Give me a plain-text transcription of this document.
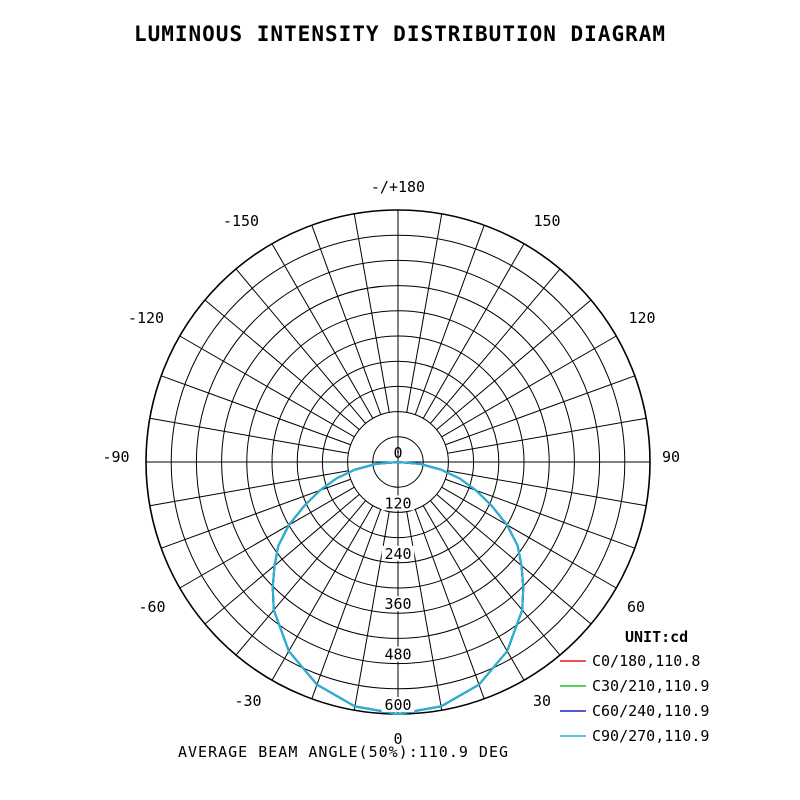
LUMINOUS INTENSITY DISTRIBUTION DIAGRAM
0
120
240
360
480
600
-/+180
-150	150
-120	120
-90	90
-60	60
-30	30
0
UNIT:cd
C0/180,110.8
C30/210,110.9
C60/240,110.9
C90/270,110.9
AVERAGE BEAM ANGLE(50%):110.9 DEG
